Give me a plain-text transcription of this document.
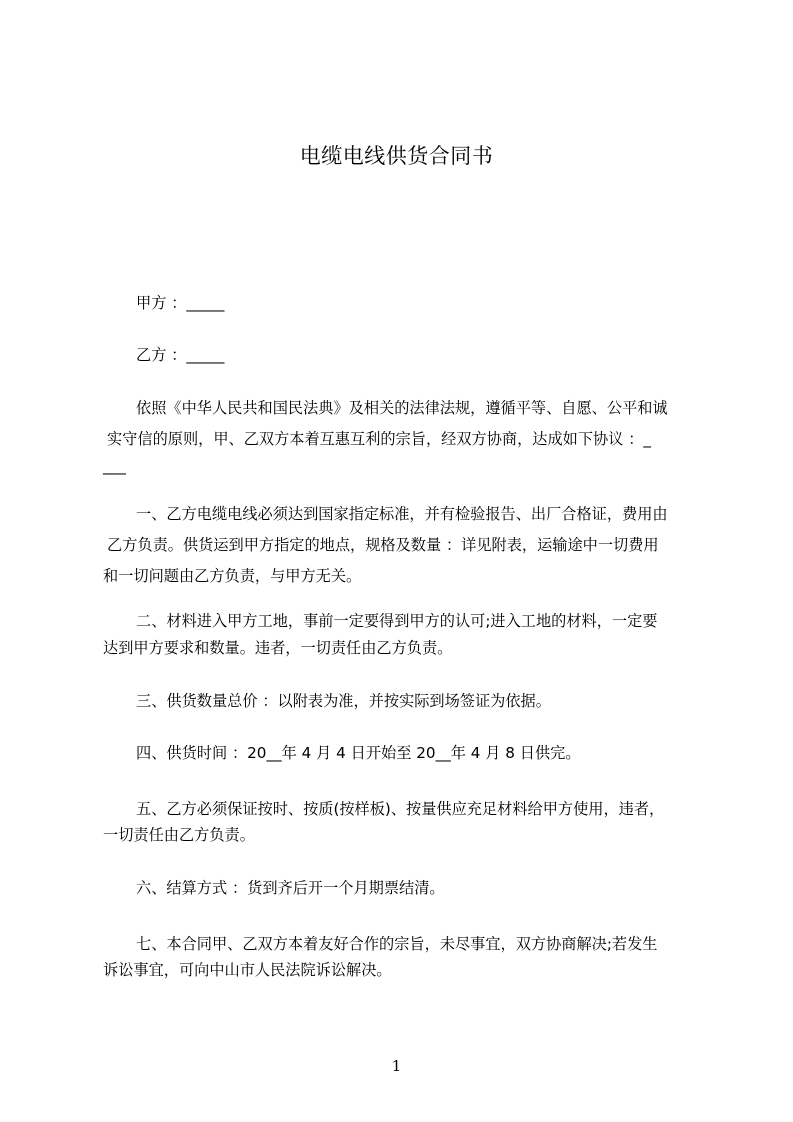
电缆电线供货合同书
甲方 ：_____
乙方 ：_____
依照《中华人民共和国民法典》及相关的法律法规，遵循平等、自愿、公平和诚
实守信的原则，甲、乙双方本着互惠互利的宗旨，经双方协商，达成如下协议 ：_
___
一、乙方电缆电线必须达到国家指定标准，并有检验报告、出厂合格证，费用由
乙方负责。供货运到甲方指定的地点，规格及数量 ：详见附表，运输途中一切费用
和一切问题由乙方负责，与甲方无关。
二、材料进入甲方工地，事前一定要得到甲方的认可;进入工地的材料，一定要
达到甲方要求和数量。违者，一切责任由乙方负责。
三、供货数量总价 ：以附表为准，并按实际到场签证为依据。
四、供货时间 ：20__年 4 月 4 日开始至 20__年 4 月 8 日供完。
五、乙方必须保证按时、按质(按样板)、按量供应充足材料给甲方使用，违者，
一切责任由乙方负责。
六、结算方式 ：货到齐后开一个月期票结清。
七、本合同甲、乙双方本着友好合作的宗旨，未尽事宜，双方协商解决;若发生
诉讼事宜，可向中山市人民法院诉讼解决。
1
